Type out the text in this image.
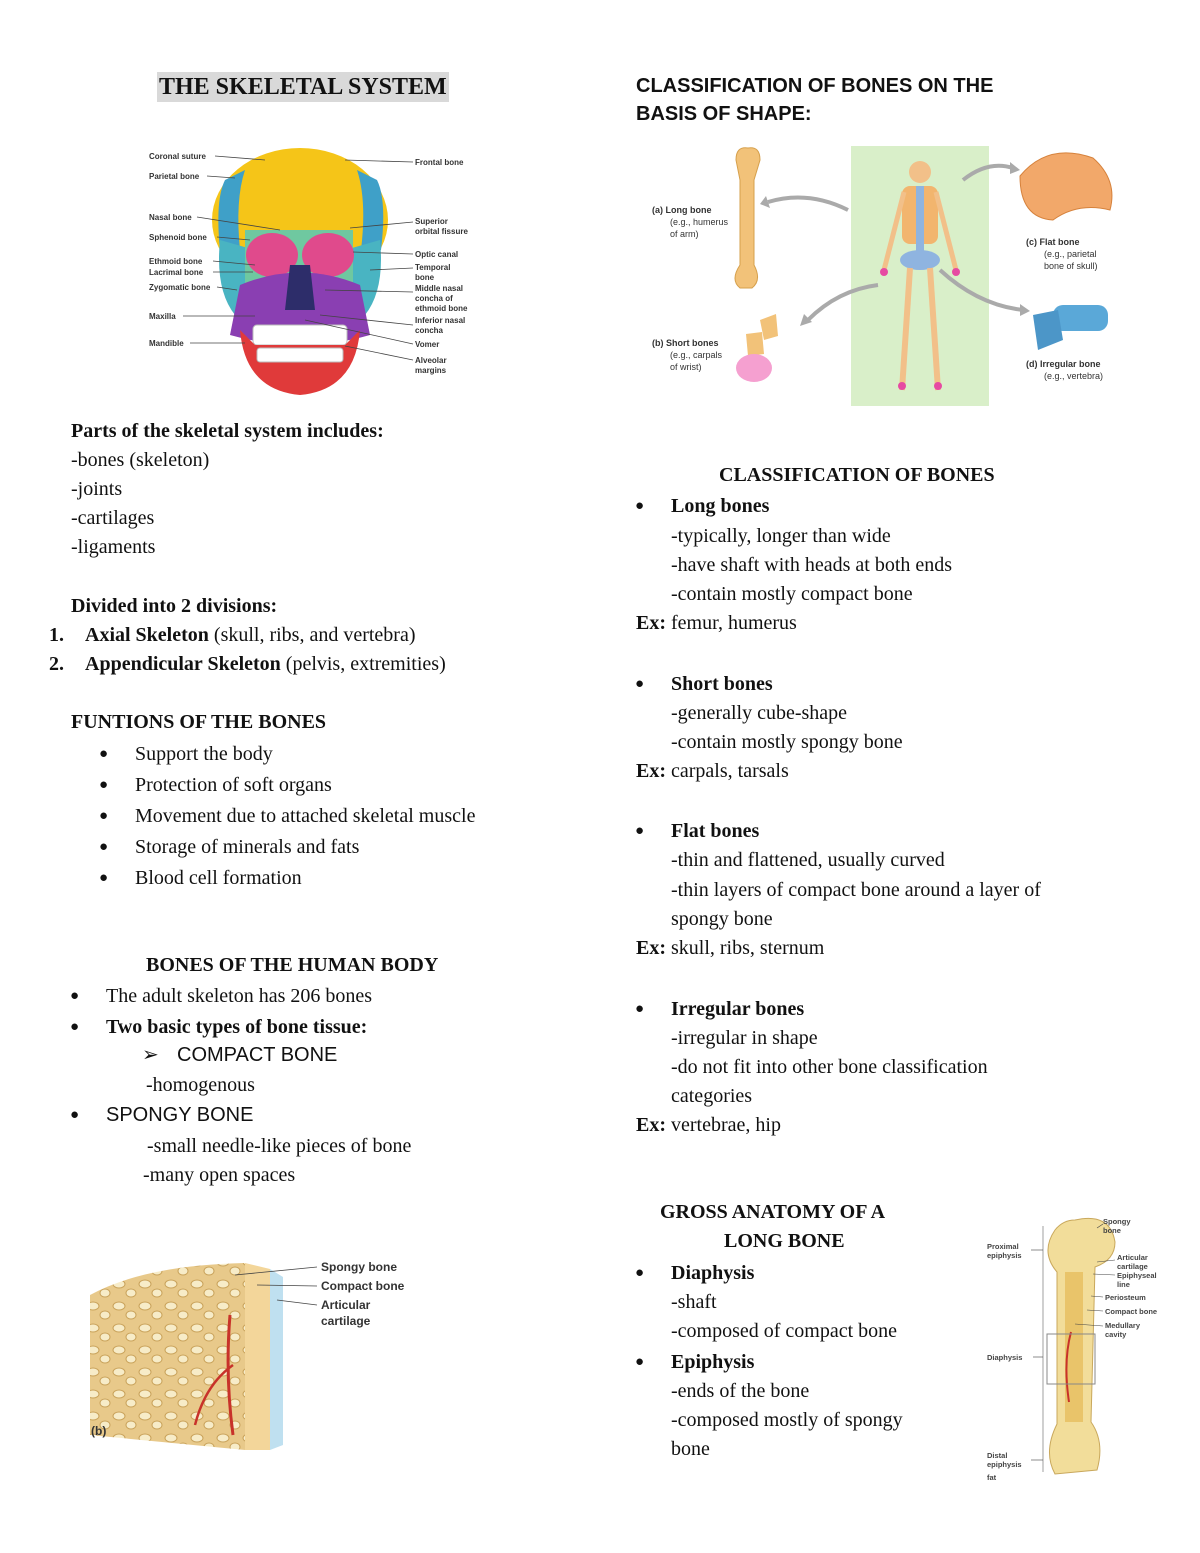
THE SKELETAL SYSTEM
Coronal suture
Parietal bone
Nasal bone
Sphenoid bone
Ethmoid bone
Lacrimal bone
Zygomatic bone
Maxilla
Mandible
Frontal bone
Superior
orbital fissure
Optic canal
Temporal
bone
Middle nasal
concha of
ethmoid bone
Inferior nasal
concha
Vomer
Alveolar
margins
Parts of the skeletal system includes:
-bones (skeleton)
-joints
-cartilages
-ligaments
Divided into 2 divisions:
1. Axial Skeleton (skull, ribs, and vertebra)
2. Appendicular Skeleton (pelvis, extremities)
FUNTIONS OF THE BONES
● Support the body
● Protection of soft organs
● Movement due to attached skeletal muscle
● Storage of minerals and fats
● Blood cell formation
BONES OF THE HUMAN BODY
● The adult skeleton has 206 bones
● Two basic types of bone tissue:
➢ COMPACT BONE
-homogenous
● SPONGY BONE
-small needle-like pieces of bone
-many open spaces
Spongy bone
Compact bone
Articular
cartilage
(b)
CLASSIFICATION OF BONES ON THE
BASIS OF SHAPE:
(a) Long bone
(e.g., humerus
of arm)
(b) Short bones
(e.g., carpals
of wrist)
(c) Flat bone
(e.g., parietal
bone of skull)
(d) Irregular bone
(e.g., vertebra)
CLASSIFICATION OF BONES
● Long bones
-typically, longer than wide
-have shaft with heads at both ends
-contain mostly compact bone
Ex: femur, humerus
● Short bones
-generally cube-shape
-contain mostly spongy bone
Ex: carpals, tarsals
● Flat bones
-thin and flattened, usually curved
-thin layers of compact bone around a layer of
spongy bone
Ex: skull, ribs, sternum
● Irregular bones
-irregular in shape
-do not fit into other bone classification
categories
Ex: vertebrae, hip
GROSS ANATOMY OF A
LONG BONE
● Diaphysis
-shaft
-composed of compact bone
● Epiphysis
-ends of the bone
-composed mostly of spongy
bone
Spongy
bone
Proximal
epiphysis	Articular
cartilage
Epiphyseal
line
Periosteum
Compact bone
Medullary
cavity
Diaphysis
Distal
epiphysis
fat
